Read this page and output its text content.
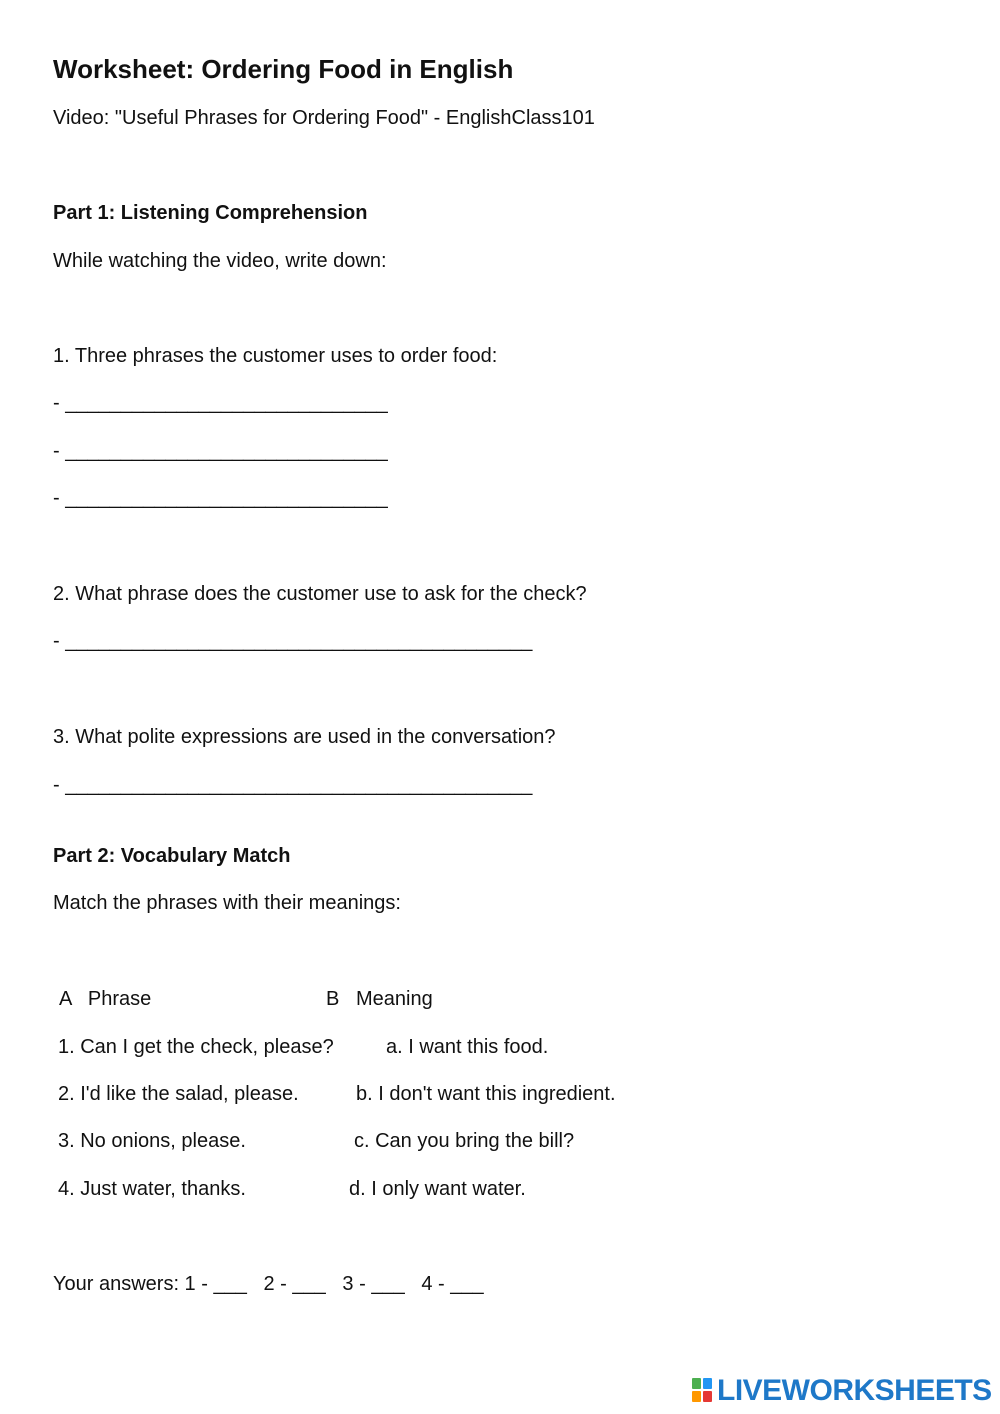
Worksheet: Ordering Food in English
Video: "Useful Phrases for Ordering Food" - EnglishClass101
Part 1: Listening Comprehension
While watching the video, write down:
1. Three phrases the customer uses to order food:
- _____________________________
- _____________________________
- _____________________________
2. What phrase does the customer use to ask for the check?
- __________________________________________
3. What polite expressions are used in the conversation?
- __________________________________________
Part 2: Vocabulary Match
Match the phrases with their meanings:
A   Phrase	B   Meaning
1. Can I get the check, please?	a. I want this food.
2. I'd like the salad, please.	b. I don't want this ingredient.
3. No onions, please.	c. Can you bring the bill?
4. Just water, thanks.	d. I only want water.
Your answers: 1 - ___   2 - ___   3 - ___   4 - ___
LIVEWORKSHEETS
